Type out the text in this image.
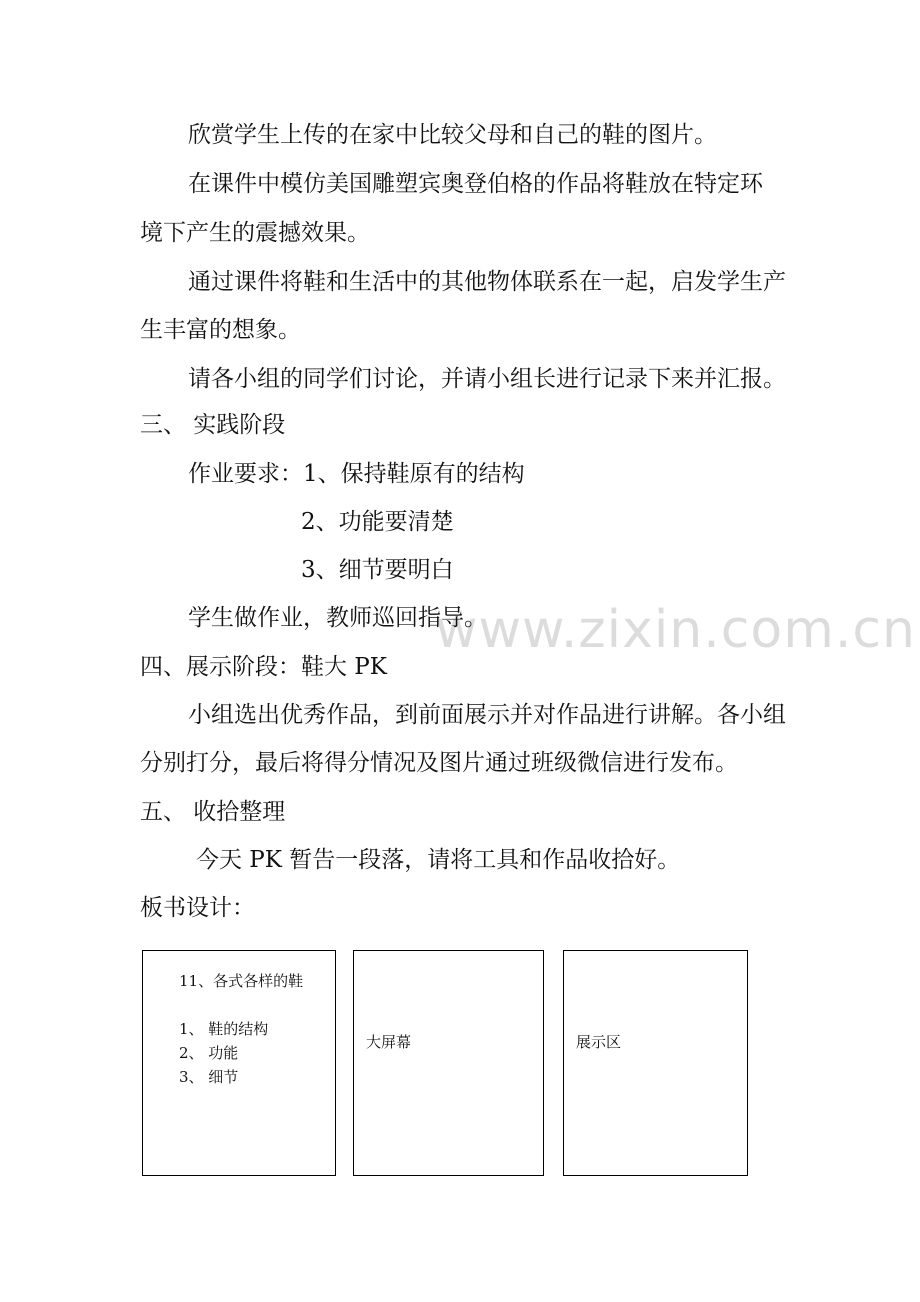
www.zixin.com.cn
欣赏学生上传的在家中比较父母和自己的鞋的图片。
在课件中模仿美国雕塑宾奥登伯格的作品将鞋放在特定环
境下产生的震撼效果。
通过课件将鞋和生活中的其他物体联系在一起，启发学生产
生丰富的想象。
请各小组的同学们讨论，并请小组长进行记录下来并汇报。
三、 实践阶段
作业要求：1、保持鞋原有的结构
2、功能要清楚
3、细节要明白
学生做作业，教师巡回指导。
四、展示阶段：鞋大 PK
小组选出优秀作品，到前面展示并对作品进行讲解。各小组
分别打分，最后将得分情况及图片通过班级微信进行发布。
五、 收拾整理
今天 PK 暂告一段落，请将工具和作品收拾好。
板书设计：
11、各式各样的鞋
1、 鞋的结构
2、 功能
3、 细节
大屏幕	展示区
